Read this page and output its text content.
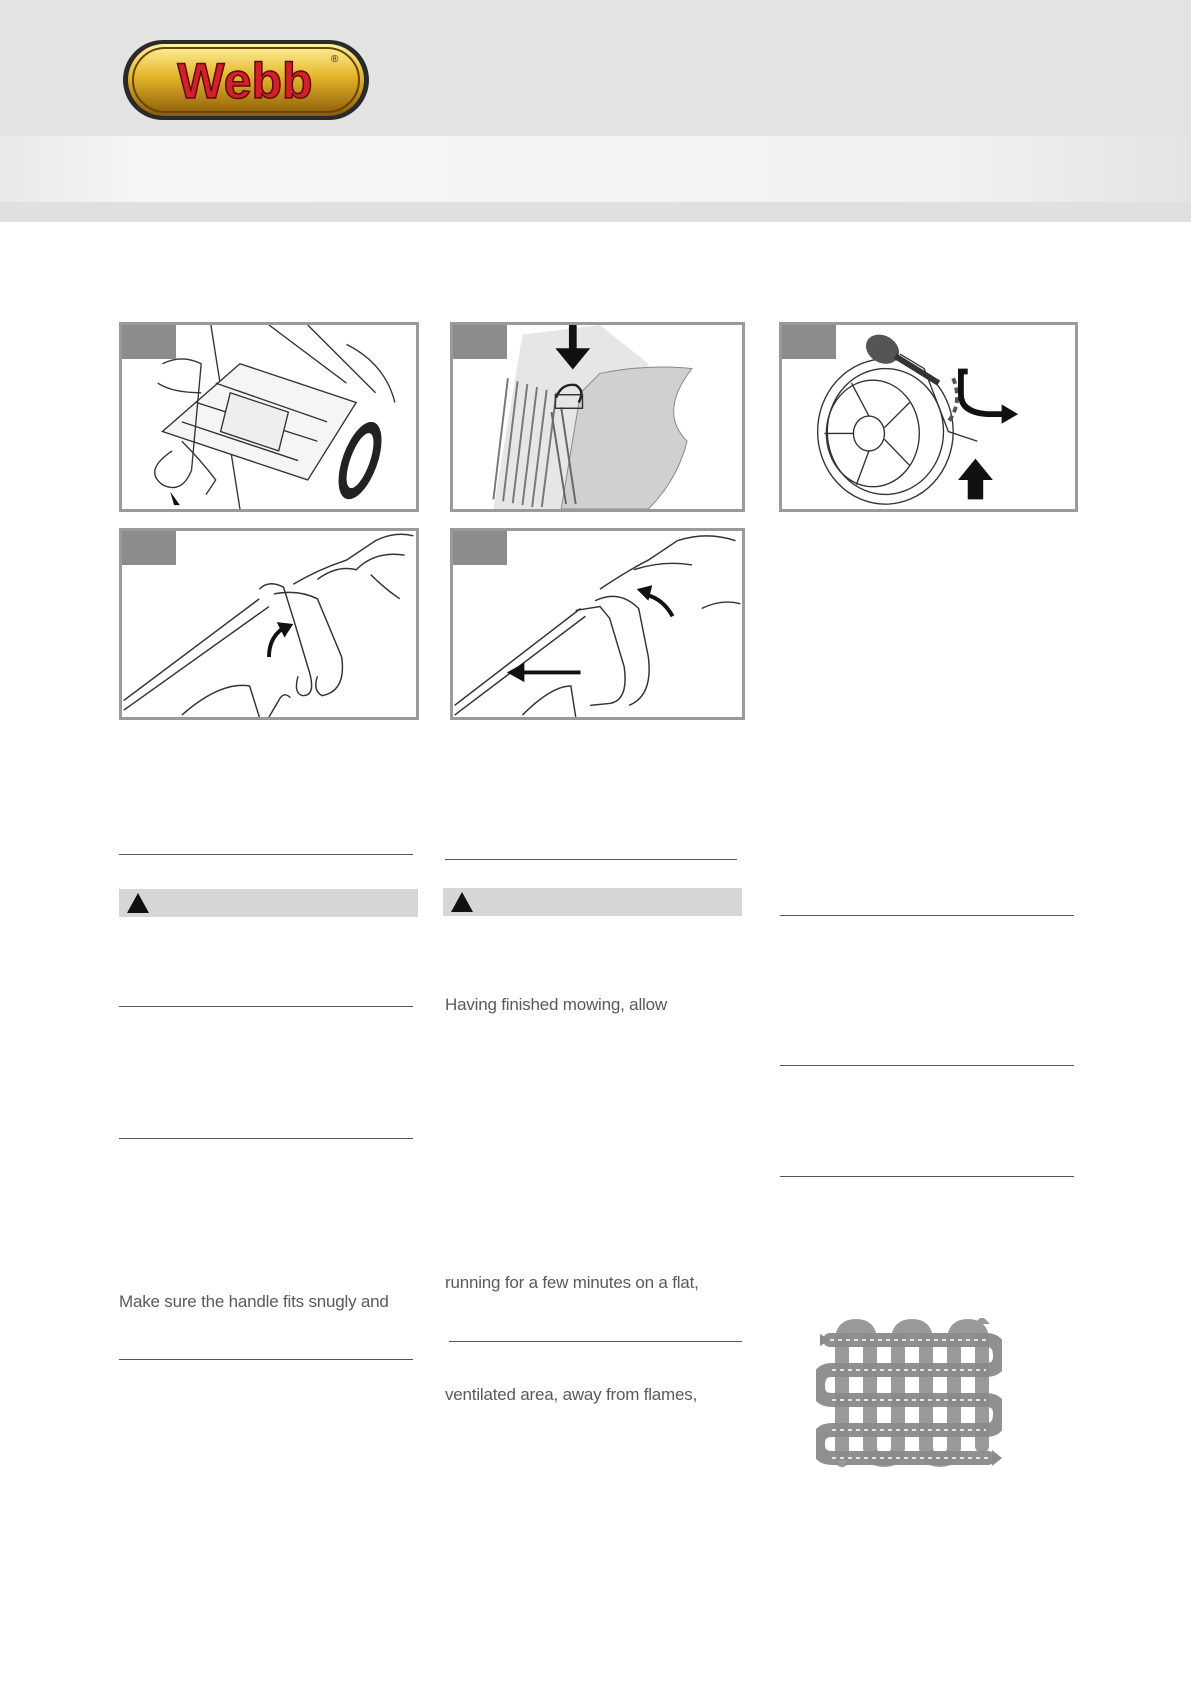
Webb ®
Make sure the handle fits snugly and
Having finished mowing, allow
running for a few minutes on a flat,
ventilated area, away from flames,
